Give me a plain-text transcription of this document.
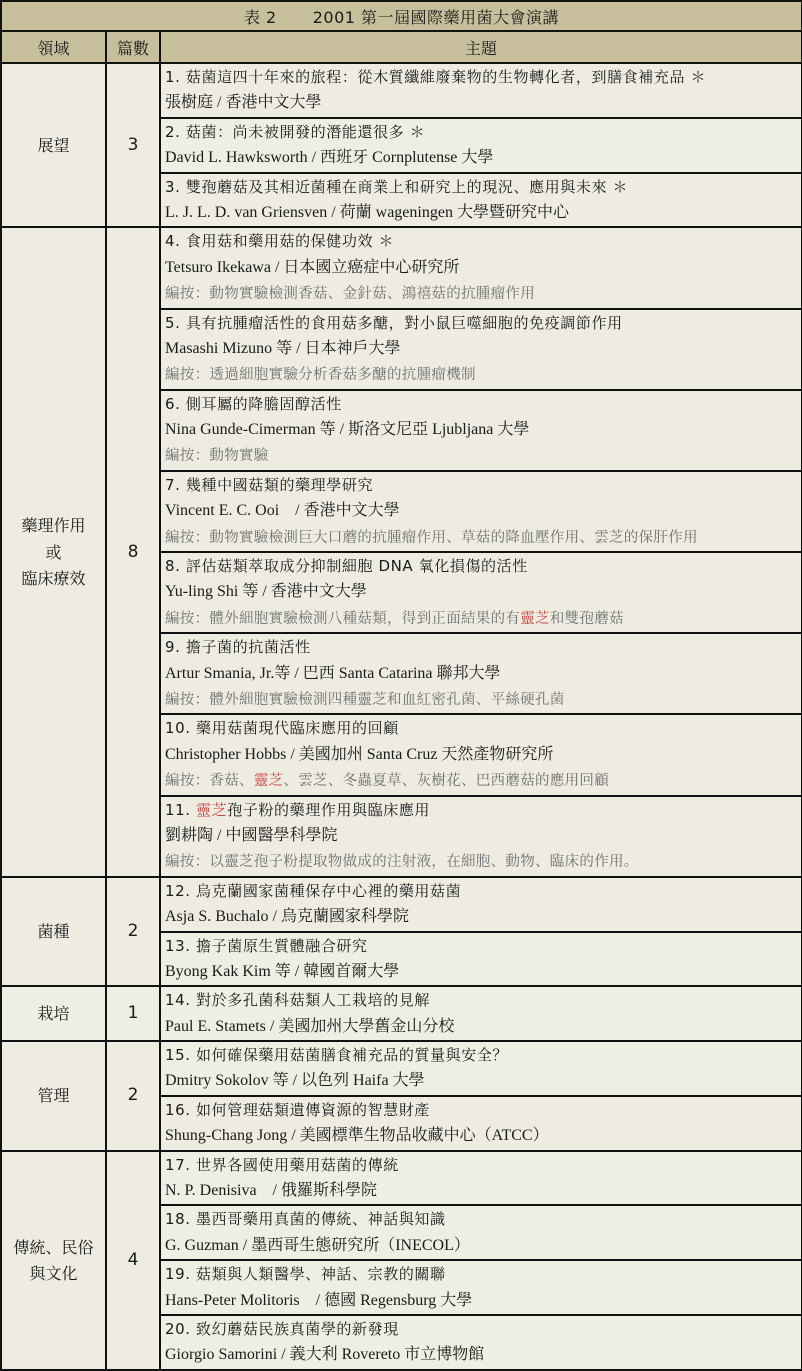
表 2 2001 第一屆國際藥用菌大會演講		
領域	篇數	主題
展望	3	1. 菇菌這四十年來的旅程：從木質纖維廢棄物的生物轉化者，到膳食補充品 ＊
張樹庭 / 香港中文大學

		2. 菇菌：尚未被開發的潛能還很多 ＊
David L. Hawksworth / 西班牙 Cornplutense 大學

		3. 雙孢蘑菇及其相近菌種在商業上和研究上的現況、應用與未來 ＊
L. J. L. D. van Griensven / 荷蘭 wageningen 大學暨研究中心

藥理作用
或
臨床療效	8	4. 食用菇和藥用菇的保健功效 ＊
Tetsuro Ikekawa / 日本國立癌症中心研究所
編按：動物實驗檢測香菇、金針菇、鴻禧菇的抗腫瘤作用

		5. 具有抗腫瘤活性的食用菇多醣，對小鼠巨噬細胞的免疫調節作用
Masashi Mizuno 等 / 日本神戶大學
編按：透過細胞實驗分析香菇多醣的抗腫瘤機制

		6. 側耳屬的降膽固醇活性
Nina Gunde-Cimerman 等 / 斯洛文尼亞 Ljubljana 大學
編按：動物實驗

		7. 幾種中國菇類的藥理學研究
Vincent E. C. Ooi　/ 香港中文大學
編按：動物實驗檢測巨大口蘑的抗腫瘤作用、草菇的降血壓作用、雲芝的保肝作用

		8. 評估菇類萃取成分抑制細胞 DNA 氧化損傷的活性
Yu-ling Shi 等 / 香港中文大學
編按：體外細胞實驗檢測八種菇類，得到正面結果的有靈芝和雙孢蘑菇

		9. 擔子菌的抗菌活性
Artur Smania, Jr.等 / 巴西 Santa Catarina 聯邦大學
編按：體外細胞實驗檢測四種靈芝和血紅密孔菌、平絲硬孔菌

		10. 藥用菇菌現代臨床應用的回顧
Christopher Hobbs / 美國加州 Santa Cruz 天然產物研究所
編按：香菇、靈芝、雲芝、冬蟲夏草、灰樹花、巴西蘑菇的應用回顧

		11. 靈芝孢子粉的藥理作用與臨床應用
劉耕陶 / 中國醫學科學院
編按：以靈芝孢子粉提取物做成的注射液，在細胞、動物、臨床的作用。

菌種	2	12. 烏克蘭國家菌種保存中心裡的藥用菇菌
Asja S. Buchalo / 烏克蘭國家科學院

		13. 擔子菌原生質體融合研究
Byong Kak Kim 等 / 韓國首爾大學

栽培	1	14. 對於多孔菌科菇類人工栽培的見解
Paul E. Stamets / 美國加州大學舊金山分校

管理	2	15. 如何確保藥用菇菌膳食補充品的質量與安全？
Dmitry Sokolov 等 / 以色列 Haifa 大學

		16. 如何管理菇類遺傳資源的智慧財產
Shung-Chang Jong / 美國標準生物品收藏中心（ATCC）

傳統、民俗
與文化	4	17. 世界各國使用藥用菇菌的傳統
N. P. Denisiva　/ 俄羅斯科學院

		18. 墨西哥藥用真菌的傳統、神話與知識
G. Guzman / 墨西哥生態研究所（INECOL）

		19. 菇類與人類醫學、神話、宗教的關聯
Hans-Peter Molitoris　/ 德國 Regensburg 大學

		20. 致幻蘑菇民族真菌學的新發現
Giorgio Samorini / 義大利 Rovereto 市立博物館
